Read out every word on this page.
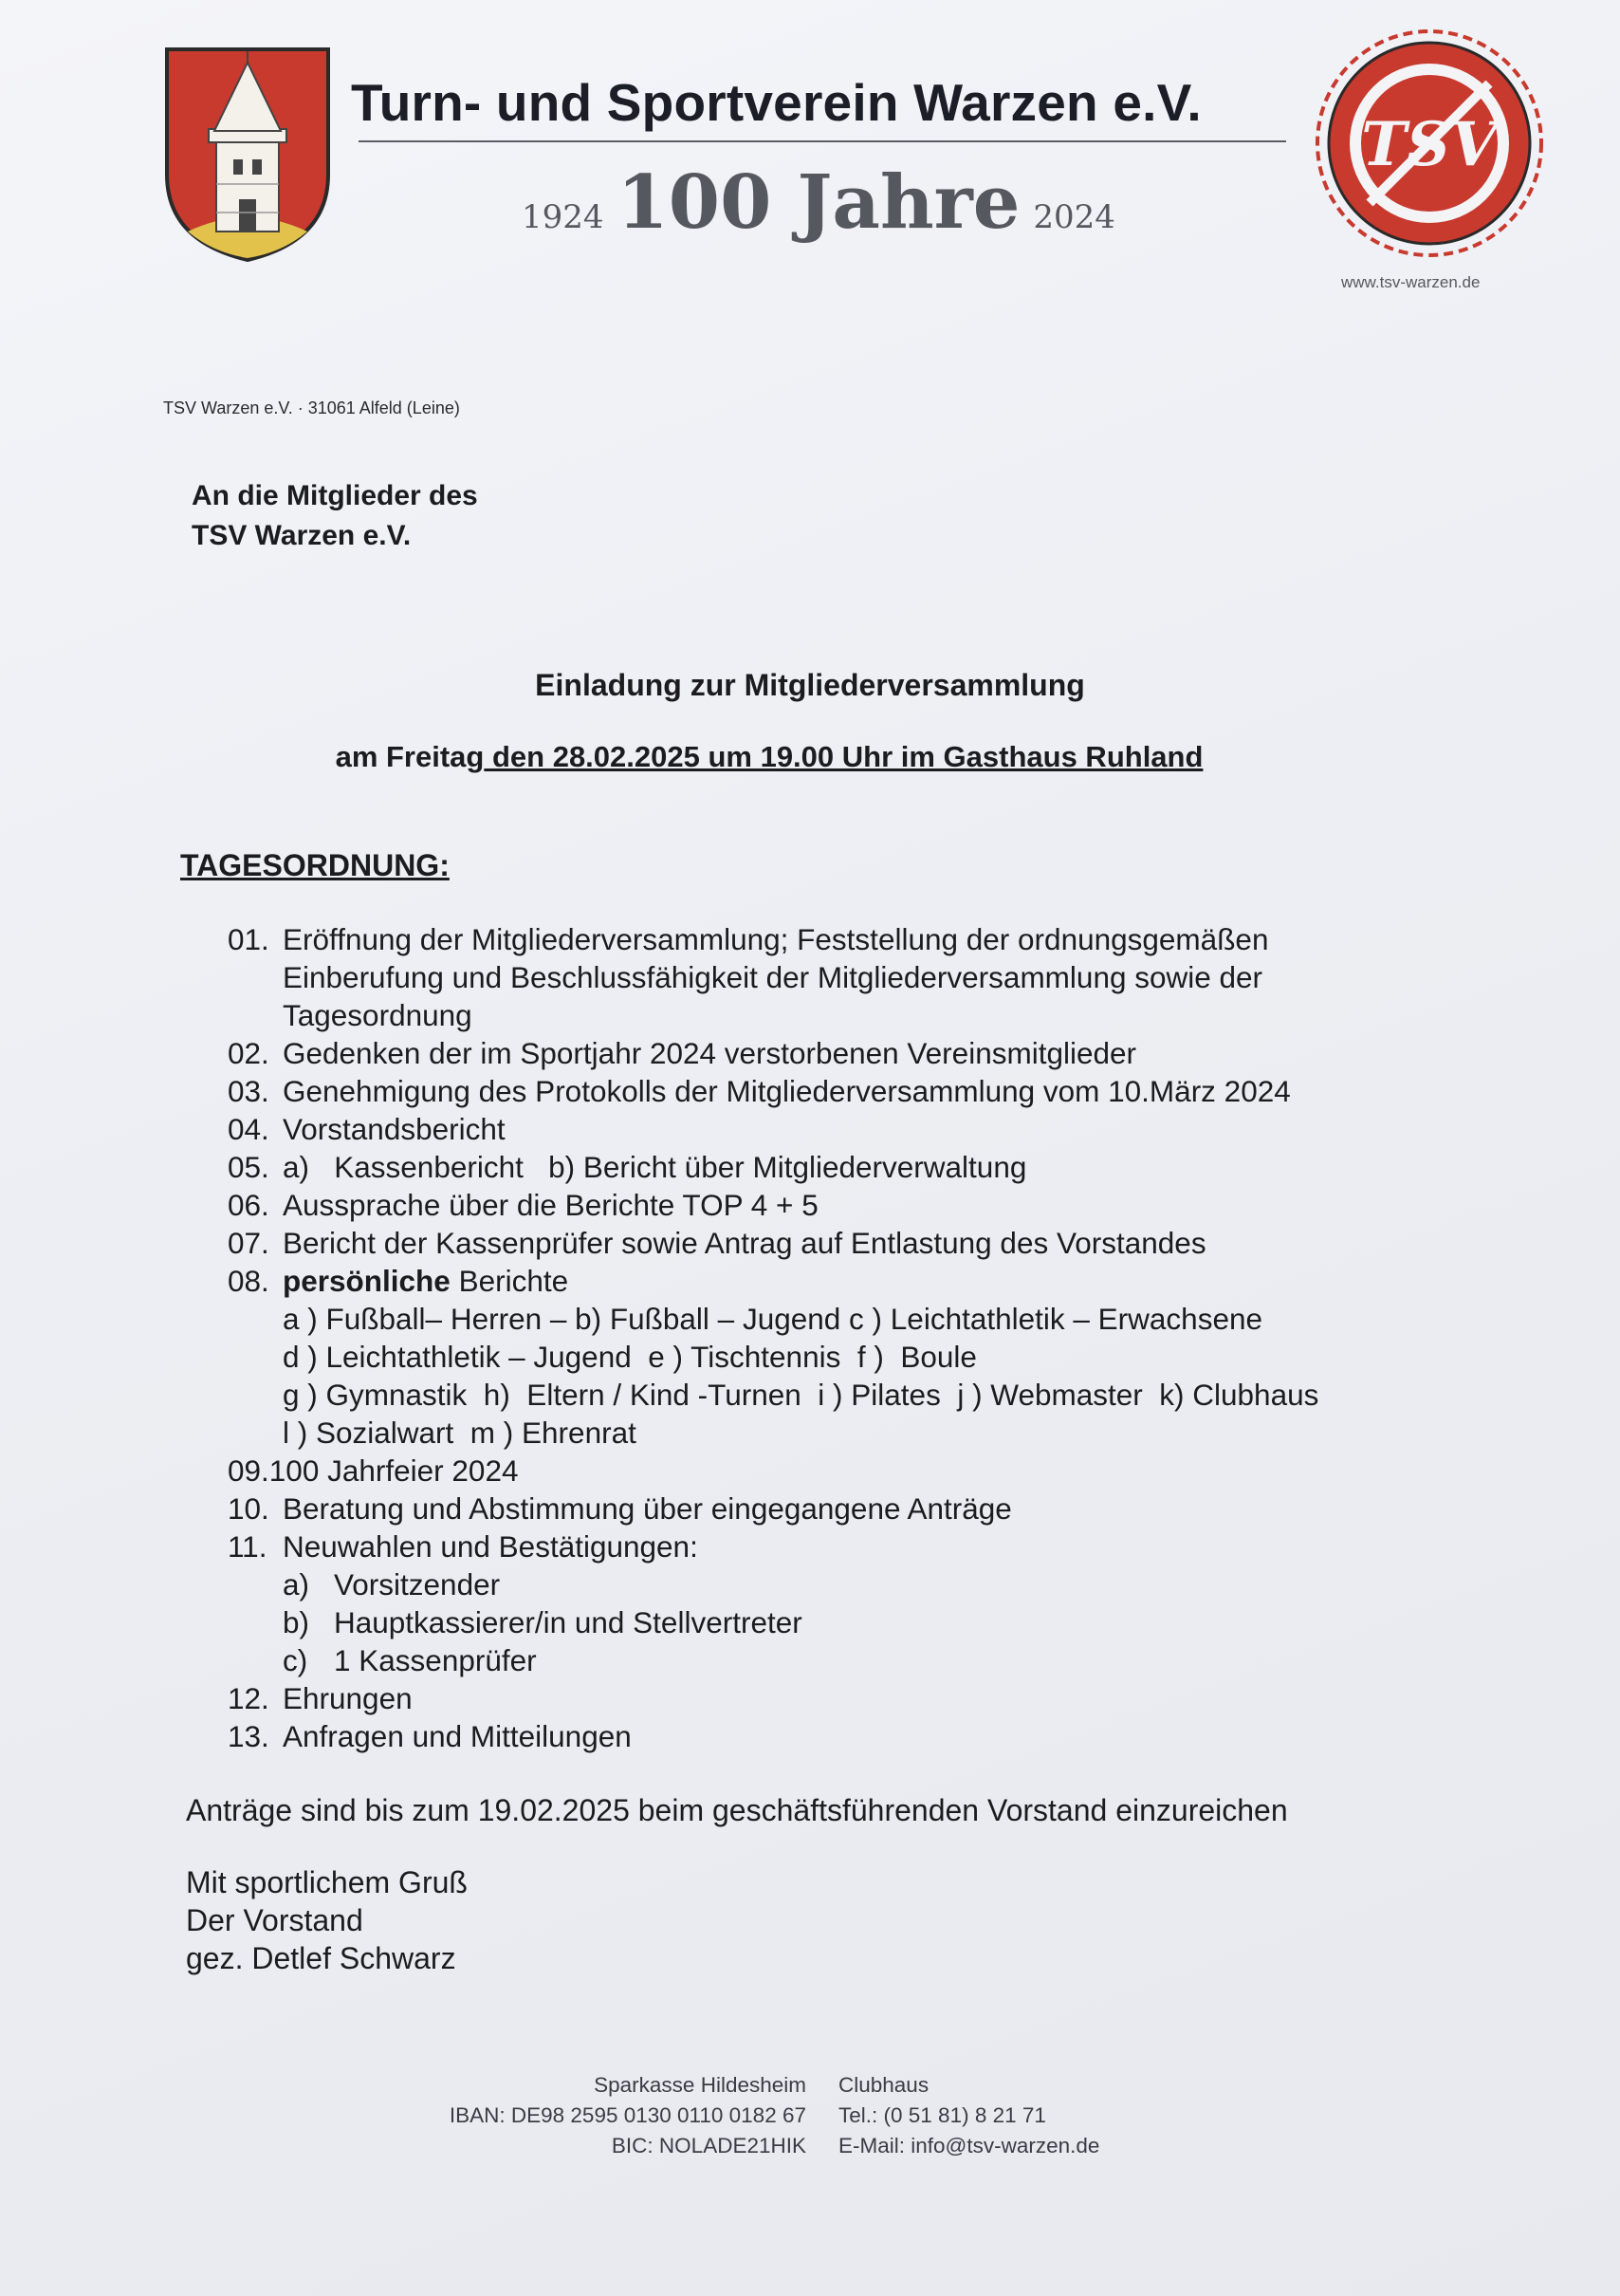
Turn- und Sportverein Warzen e.V.
1924 100 Jahre 2024
TSV
www.tsv-warzen.de
TSV Warzen e.V. · 31061 Alfeld (Leine)
An die Mitglieder des
TSV Warzen e.V.
Einladung zur Mitgliederversammlung
am Freitag den 28.02.2025 um 19.00 Uhr im Gasthaus Ruhland
TAGESORDNUNG:
01. Eröffnung der Mitgliederversammlung; Feststellung der ordnungsgemäßen
Einberufung und Beschlussfähigkeit der Mitgliederversammlung sowie der
Tagesordnung
02. Gedenken der im Sportjahr 2024 verstorbenen Vereinsmitglieder
03. Genehmigung des Protokolls der Mitgliederversammlung vom 10.März 2024
04. Vorstandsbericht
05. a)   Kassenbericht   b) Bericht über Mitgliederverwaltung
06. Aussprache über die Berichte TOP 4 + 5
07. Bericht der Kassenprüfer sowie Antrag auf Entlastung des Vorstandes
08. persönliche Berichte
a ) Fußball– Herren – b) Fußball – Jugend c ) Leichtathletik – Erwachsene
d ) Leichtathletik – Jugend  e ) Tischtennis  f )  Boule
g ) Gymnastik  h)  Eltern / Kind -Turnen  i ) Pilates  j ) Webmaster  k) Clubhaus
l ) Sozialwart  m ) Ehrenrat
09.100 Jahrfeier 2024
10. Beratung und Abstimmung über eingegangene Anträge
11. Neuwahlen und Bestätigungen:
a) Vorsitzender
b) Hauptkassierer/in und Stellvertreter
c) 1 Kassenprüfer
12. Ehrungen
13. Anfragen und Mitteilungen
Anträge sind bis zum 19.02.2025 beim geschäftsführenden Vorstand einzureichen
Mit sportlichem Gruß
Der Vorstand
gez. Detlef Schwarz
Sparkasse Hildesheim
IBAN: DE98 2595 0130 0110 0182 67
BIC: NOLADE21HIK
Clubhaus
Tel.: (0 51 81) 8 21 71
E-Mail: info@tsv-warzen.de
